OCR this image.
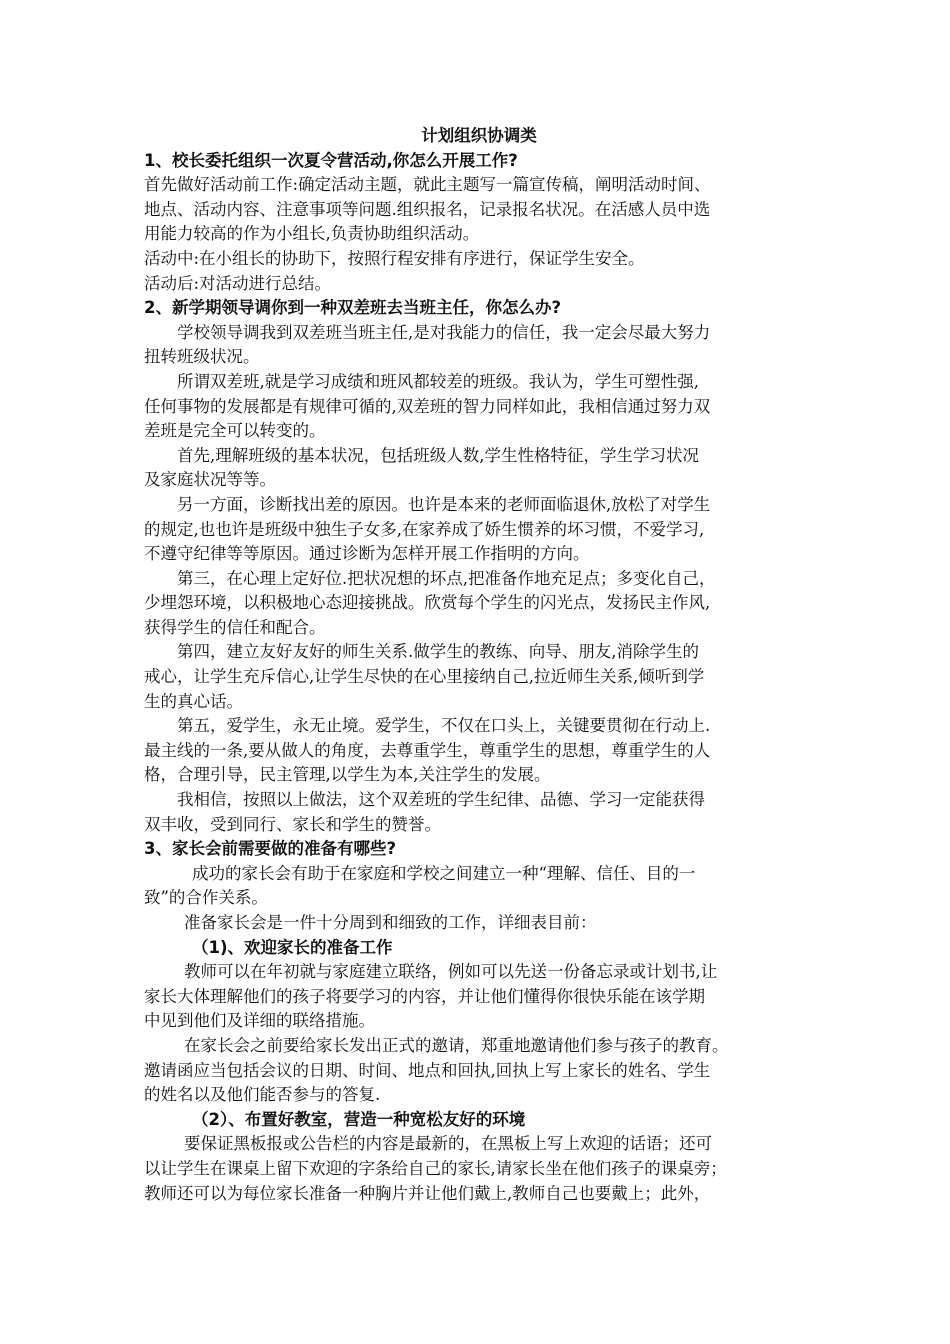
计划组织协调类

1、校长委托组织一次夏令营活动,你怎么开展工作?

首先做好活动前工作:确定活动主题，就此主题写一篇宣传稿，阐明活动时间、
地点、活动内容、注意事项等问题.组织报名，记录报名状况。在活感人员中选
用能力较高的作为小组长,负责协助组织活动。

活动中:在小组长的协助下，按照行程安排有序进行，保证学生安全。

活动后:对活动进行总结。

2、新学期领导调你到一种双差班去当班主任，你怎么办?

学校领导调我到双差班当班主任,是对我能力的信任，我一定会尽最大努力
扭转班级状况。

所谓双差班,就是学习成绩和班风都较差的班级。我认为，学生可塑性强,
任何事物的发展都是有规律可循的,双差班的智力同样如此，我相信通过努力双
差班是完全可以转变的。

首先,理解班级的基本状况，包括班级人数,学生性格特征，学生学习状况
及家庭状况等等。

另一方面，诊断找出差的原因。也许是本来的老师面临退休,放松了对学生
的规定,也也许是班级中独生子女多,在家养成了娇生惯养的坏习惯，不爱学习,
不遵守纪律等等原因。通过诊断为怎样开展工作指明的方向。

第三，在心理上定好位.把状况想的坏点,把准备作地充足点；多变化自己，
少埋怨环境，以积极地心态迎接挑战。欣赏每个学生的闪光点，发扬民主作风,
获得学生的信任和配合。

第四，建立友好友好的师生关系.做学生的教练、向导、朋友,消除学生的
戒心，让学生充斥信心,让学生尽快的在心里接纳自己,拉近师生关系,倾听到学
生的真心话。

第五，爱学生，永无止境。爱学生，不仅在口头上，关键要贯彻在行动上.
最主线的一条,要从做人的角度，去尊重学生，尊重学生的思想，尊重学生的人
格，合理引导，民主管理,以学生为本,关注学生的发展。

我相信，按照以上做法，这个双差班的学生纪律、品德、学习一定能获得
双丰收，受到同行、家长和学生的赞誉。

3、家长会前需要做的准备有哪些?

成功的家长会有助于在家庭和学校之间建立一种“理解、信任、目的一
致”的合作关系。

准备家长会是一件十分周到和细致的工作，详细表目前：

（1)、欢迎家长的准备工作

教师可以在年初就与家庭建立联络，例如可以先送一份备忘录或计划书,让
家长大体理解他们的孩子将要学习的内容，并让他们懂得你很快乐能在该学期
中见到他们及详细的联络措施。

在家长会之前要给家长发出正式的邀请，郑重地邀请他们参与孩子的教育。
邀请函应当包括会议的日期、时间、地点和回执,回执上写上家长的姓名、学生
的姓名以及他们能否参与的答复.

（2）、布置好教室，营造一种宽松友好的环境

要保证黑板报或公告栏的内容是最新的，在黑板上写上欢迎的话语；还可
以让学生在课桌上留下欢迎的字条给自己的家长,请家长坐在他们孩子的课桌旁；
教师还可以为每位家长准备一种胸片并让他们戴上,教师自己也要戴上；此外，
